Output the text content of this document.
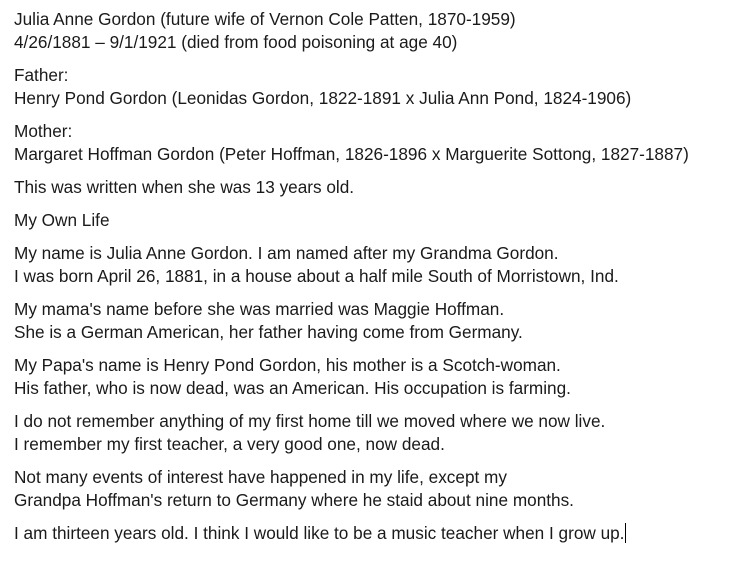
Julia Anne Gordon (future wife of Vernon Cole Patten, 1870-1959)
4/26/1881 – 9/1/1921 (died from food poisoning at age 40)

Father:
Henry Pond Gordon (Leonidas Gordon, 1822-1891 x Julia Ann Pond, 1824-1906)

Mother:
Margaret Hoffman Gordon (Peter Hoffman, 1826-1896 x Marguerite Sottong, 1827-1887)

This was written when she was 13 years old.

My Own Life

My name is Julia Anne Gordon. I am named after my Grandma Gordon.
I was born April 26, 1881, in a house about a half mile South of Morristown, Ind.

My mama's name before she was married was Maggie Hoffman.
She is a German American, her father having come from Germany.

My Papa's name is Henry Pond Gordon, his mother is a Scotch-woman.
His father, who is now dead, was an American. His occupation is farming.

I do not remember anything of my first home till we moved where we now live.
I remember my first teacher, a very good one, now dead.

Not many events of interest have happened in my life, except my
Grandpa Hoffman's return to Germany where he staid about nine months.

I am thirteen years old. I think I would like to be a music teacher when I grow up.
